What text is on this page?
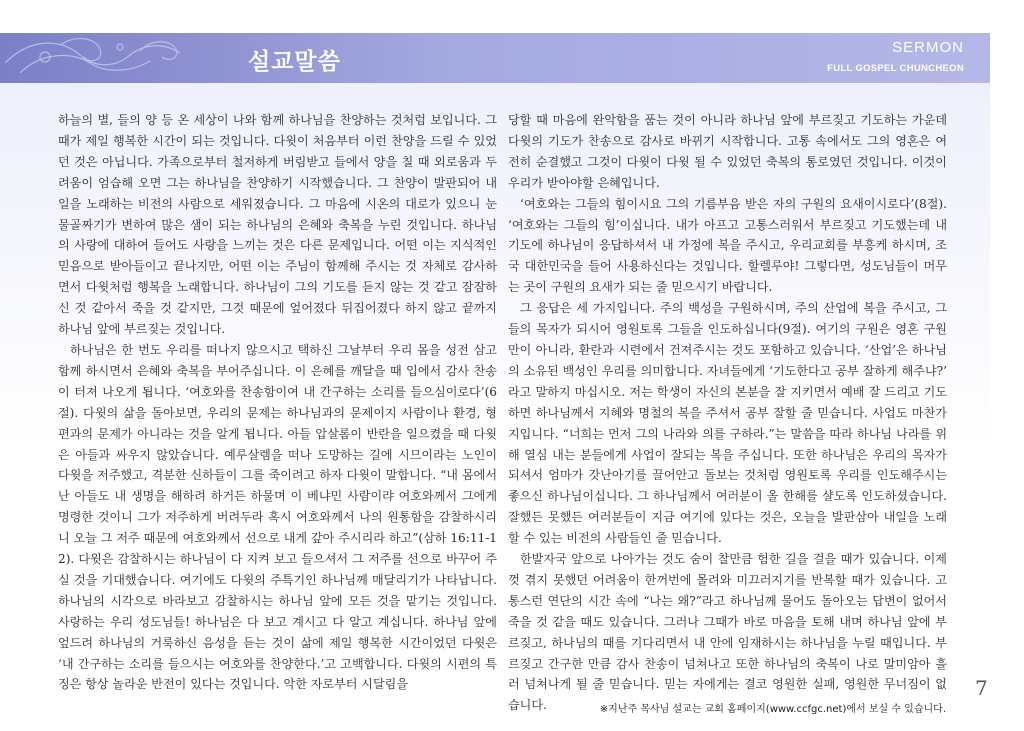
설교말씀
SERMON
FULL GOSPEL CHUNCHEON

하늘의 별, 들의 양 등 온 세상이 나와 함께 하나님을 찬양하는 것처럼 보입니다. 그 때가 제일 행복한 시간이 되는 것입니다. 다윗이 처음부터 이런 찬양을 드릴 수 있었던 것은 아닙니다. 가족으로부터 철저하게 버림받고 들에서 양을 칠 때 외로움과 두려움이 엄습해 오면 그는 하나님을 찬양하기 시작했습니다. 그 찬양이 발판되어 내일을 노래하는 비전의 사람으로 세워졌습니다. 그 마음에 시온의 대로가 있으니 눈물골짜기가 변하여 많은 샘이 되는 하나님의 은혜와 축복을 누린 것입니다. 하나님의 사랑에 대하여 들어도 사랑을 느끼는 것은 다른 문제입니다. 어떤 이는 지식적인 믿음으로 받아들이고 끝나지만, 어떤 이는 주님이 함께해 주시는 것 자체로 감사하면서 다윗처럼 행복을 노래합니다. 하나님이 그의 기도를 듣지 않는 것 같고 잠잠하신 것 같아서 죽을 것 같지만, 그것 때문에 엎어졌다 뒤집어졌다 하지 않고 끝까지 하나님 앞에 부르짖는 것입니다.

하나님은 한 번도 우리를 떠나지 않으시고 택하신 그날부터 우리 몸을 성전 삼고 함께 하시면서 은혜와 축복을 부어주십니다. 이 은혜를 깨달을 때 입에서 감사 찬송이 터져 나오게 됩니다. ‘여호와를 찬송함이여 내 간구하는 소리를 들으심이로다’(6절). 다윗의 삶을 돌아보면, 우리의 문제는 하나님과의 문제이지 사람이나 환경, 형편과의 문제가 아니라는 것을 알게 됩니다. 아들 압살롬이 반란을 일으켰을 때 다윗은 아들과 싸우지 않았습니다. 예루살렘을 떠나 도망하는 길에 시므이라는 노인이 다윗을 저주했고, 격분한 신하들이 그를 죽이려고 하자 다윗이 말합니다. “내 몸에서 난 아들도 내 생명을 해하려 하거든 하물며 이 베냐민 사람이랴 여호와께서 그에게 명령한 것이니 그가 저주하게 버려두라 혹시 여호와께서 나의 원통함을 감찰하시리니 오늘 그 저주 때문에 여호와께서 선으로 내게 갚아 주시리라 하고”(삼하 16:11-12). 다윗은 감찰하시는 하나님이 다 지켜 보고 들으셔서 그 저주를 선으로 바꾸어 주실 것을 기대했습니다. 여기에도 다윗의 주특기인 하나님께 매달리기가 나타납니다. 하나님의 시각으로 바라보고 감찰하시는 하나님 앞에 모든 것을 맡기는 것입니다. 사랑하는 우리 성도님들! 하나님은 다 보고 계시고 다 알고 계십니다. 하나님 앞에 엎드려 하나님의 거룩하신 음성을 듣는 것이 삶에 제일 행복한 시간이었던 다윗은 ‘내 간구하는 소리를 들으시는 여호와를 찬양한다.’고 고백합니다. 다윗의 시편의 특징은 항상 놀라운 반전이 있다는 것입니다. 악한 자로부터 시달림을

당할 때 마음에 완악함을 품는 것이 아니라 하나님 앞에 부르짖고 기도하는 가운데 다윗의 기도가 찬송으로 감사로 바뀌기 시작합니다. 고통 속에서도 그의 영혼은 여전히 순결했고 그것이 다윗이 다윗 될 수 있었던 축복의 통로였던 것입니다. 이것이 우리가 받아야할 은혜입니다.

‘여호와는 그들의 힘이시요 그의 기름부음 받은 자의 구원의 요새이시로다’(8절). ‘여호와는 그들의 힘’이십니다. 내가 아프고 고통스러워서 부르짖고 기도했는데 내 기도에 하나님이 응답하셔서 내 가정에 복을 주시고, 우리교회를 부흥케 하시며, 조국 대한민국을 들어 사용하신다는 것입니다. 할렐루야! 그렇다면, 성도님들이 머무는 곳이 구원의 요새가 되는 줄 믿으시기 바랍니다.

그 응답은 세 가지입니다. 주의 백성을 구원하시며, 주의 산업에 복을 주시고, 그들의 목자가 되시어 영원토록 그들을 인도하십니다(9절). 여기의 구원은 영혼 구원만이 아니라, 환란과 시련에서 건져주시는 것도 포함하고 있습니다. ‘산업’은 하나님의 소유된 백성인 우리를 의미합니다. 자녀들에게 ‘기도한다고 공부 잘하게 해주냐?’ 라고 말하지 마십시오. 저는 학생이 자신의 본분을 잘 지키면서 예배 잘 드리고 기도하면 하나님께서 지혜와 명철의 복을 주셔서 공부 잘할 줄 믿습니다. 사업도 마찬가지입니다. “너희는 먼저 그의 나라와 의를 구하라.”는 말씀을 따라 하나님 나라를 위해 열심 내는 분들에게 사업이 잘되는 복을 주십니다. 또한 하나님은 우리의 목자가 되셔서 엄마가 갓난아기를 끌어안고 돌보는 것처럼 영원토록 우리를 인도해주시는 좋으신 하나님이십니다. 그 하나님께서 여러분이 올 한해를 샬도록 인도하셨습니다. 잘했든 못했든 여러분들이 지금 여기에 있다는 것은, 오늘을 발판삼아 내일을 노래 할 수 있는 비전의 사람들인 줄 믿습니다.

한발자국 앞으로 나아가는 것도 숨이 찰만큼 험한 길을 걸을 때가 있습니다. 이제껏 겪지 못했던 어려움이 한꺼번에 몰려와 미끄러지기를 반복할 때가 있습니다. 고통스런 연단의 시간 속에 “나는 왜?”라고 하나님께 물어도 돌아오는 답변이 없어서 죽을 것 같을 때도 있습니다. 그러나 그때가 바로 마음을 토해 내며 하나님 앞에 부르짖고, 하나님의 때를 기다리면서 내 안에 임재하시는 하나님을 누릴 때입니다. 부르짖고 간구한 만큼 감사 찬송이 넘쳐나고 또한 하나님의 축복이 나로 말미암아 흘러 넘쳐나게 될 줄 믿습니다. 믿는 자에게는 결코 영원한 실패, 영원한 무너짐이 없습니다.

7
※지난주 목사님 설교는 교회 홈페이지(www.ccfgc.net)에서 보실 수 있습니다.
